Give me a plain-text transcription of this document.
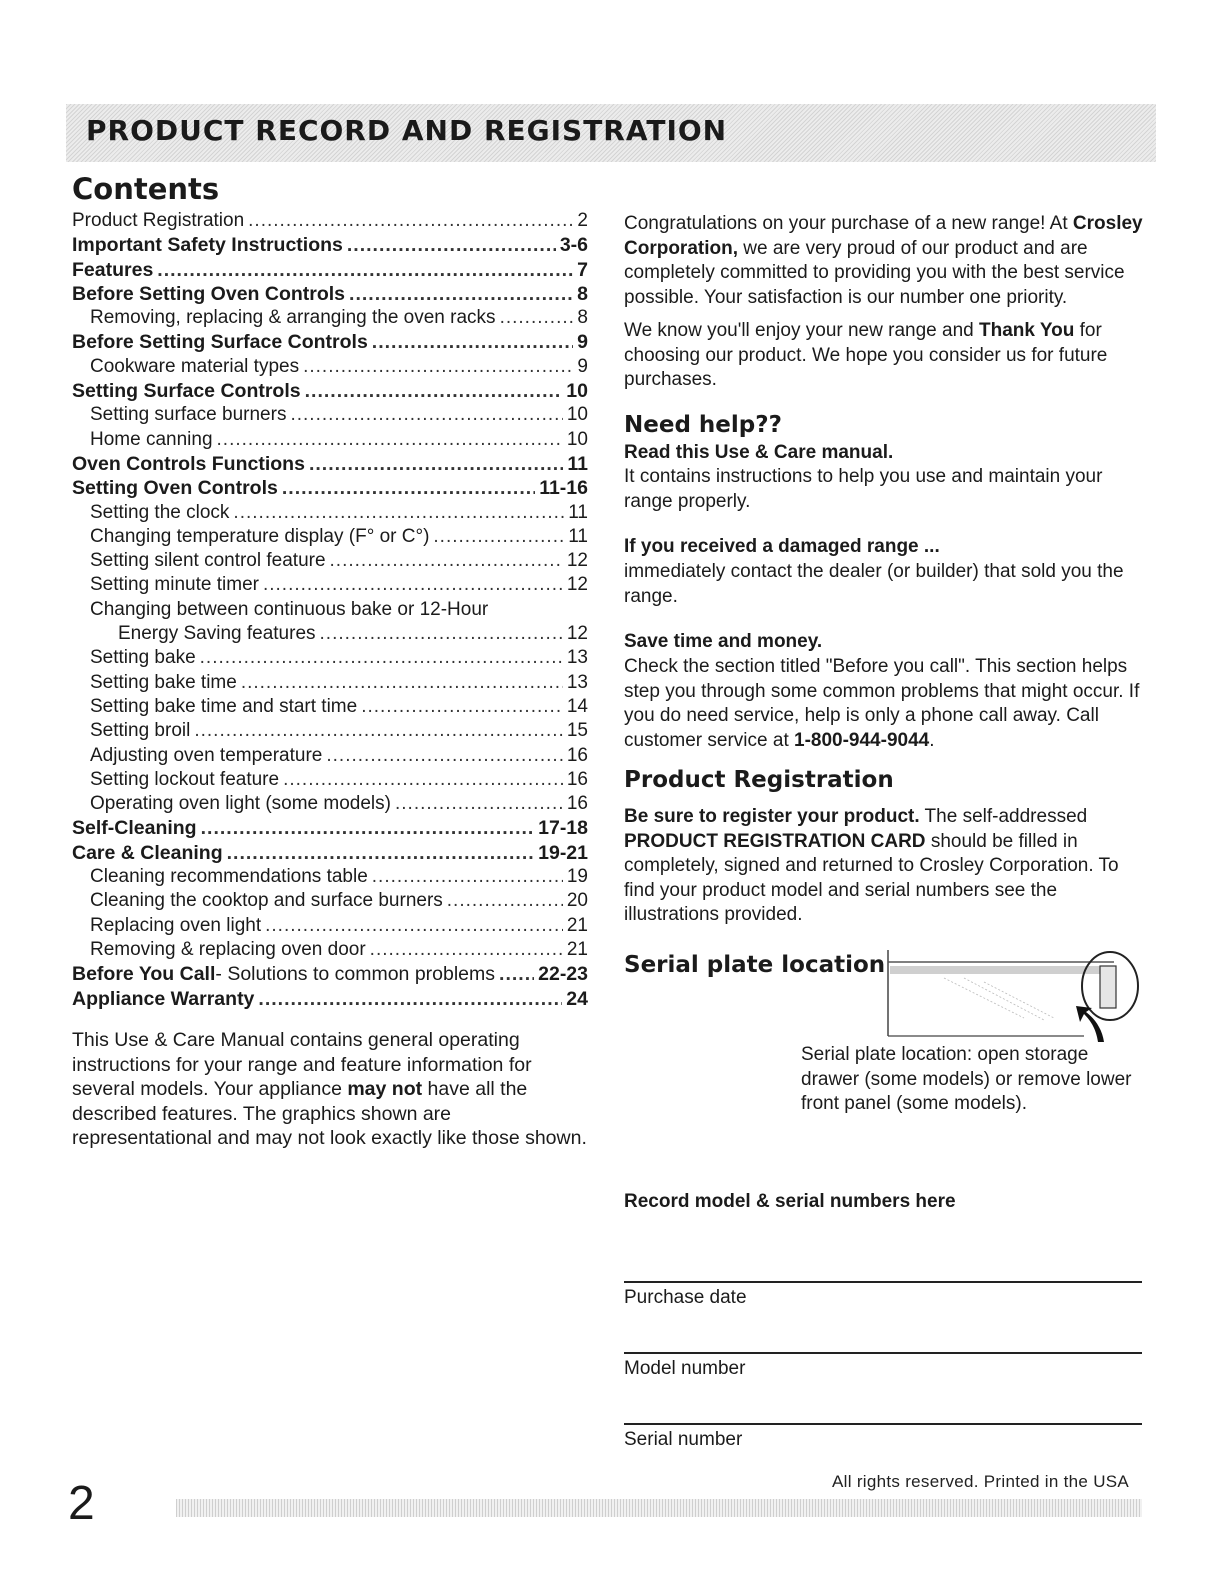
PRODUCT RECORD AND REGISTRATION
Contents
Product Registration .....	2
Important Safety Instructions .....	3-6
Features .....	7
Before Setting Oven Controls .....	8
Removing, replacing & arranging the oven racks .....	8
Before Setting Surface Controls .....	9
Cookware material types .....	9
Setting Surface Controls .....	10
Setting surface burners .....	10
Home canning .....	10
Oven Controls Functions .....	11
Setting Oven Controls .....	11-16
Setting the clock .....	11
Changing temperature display (F° or C°) .....	11
Setting silent control feature .....	12
Setting minute timer .....	12
Changing between continuous bake or 12-Hour
Energy Saving features .....	12
Setting bake .....	13
Setting bake time .....	13
Setting bake time and start time .....	14
Setting broil .....	15
Adjusting oven temperature .....	16
Setting lockout feature .....	16
Operating oven light (some models) .....	16
Self-Cleaning .....	17-18
Care & Cleaning .....	19-21
Cleaning recommendations table .....	19
Cleaning the cooktop and surface burners .....	20
Replacing oven light .....	21
Removing & replacing oven door .....	21
Before You Call - Solutions to common problems ..... 22-23
Appliance Warranty .....	24
This Use & Care Manual contains general operating instructions for your range and feature information for several models. Your appliance may not have all the described features. The graphics shown are representational and may not look exactly like those shown.
Congratulations on your purchase of a new range! At Crosley Corporation, we are very proud of our product and are completely committed to providing you with the best service possible. Your satisfaction is our number one priority.
We know you'll enjoy your new range and Thank You for choosing our product. We hope you consider us for future purchases.
Need help??
Read this Use & Care manual.
It contains instructions to help you use and maintain your range properly.
If you received a damaged range ...
immediately contact the dealer (or builder) that sold you the range.
Save time and money.
Check the section titled "Before you call". This section helps step you through some common problems that might occur. If you do need service, help is only a phone call away. Call customer service at 1-800-944-9044.
Product Registration
Be sure to register your product. The self-addressed PRODUCT REGISTRATION CARD should be filled in completely, signed and returned to Crosley Corporation. To find your product model and serial numbers see the illustrations provided.
Serial plate location
Serial plate location: open storage drawer (some models) or remove lower front panel (some models).
Record model & serial numbers here
Purchase date
Model number
Serial number
All rights reserved. Printed in the USA
2
